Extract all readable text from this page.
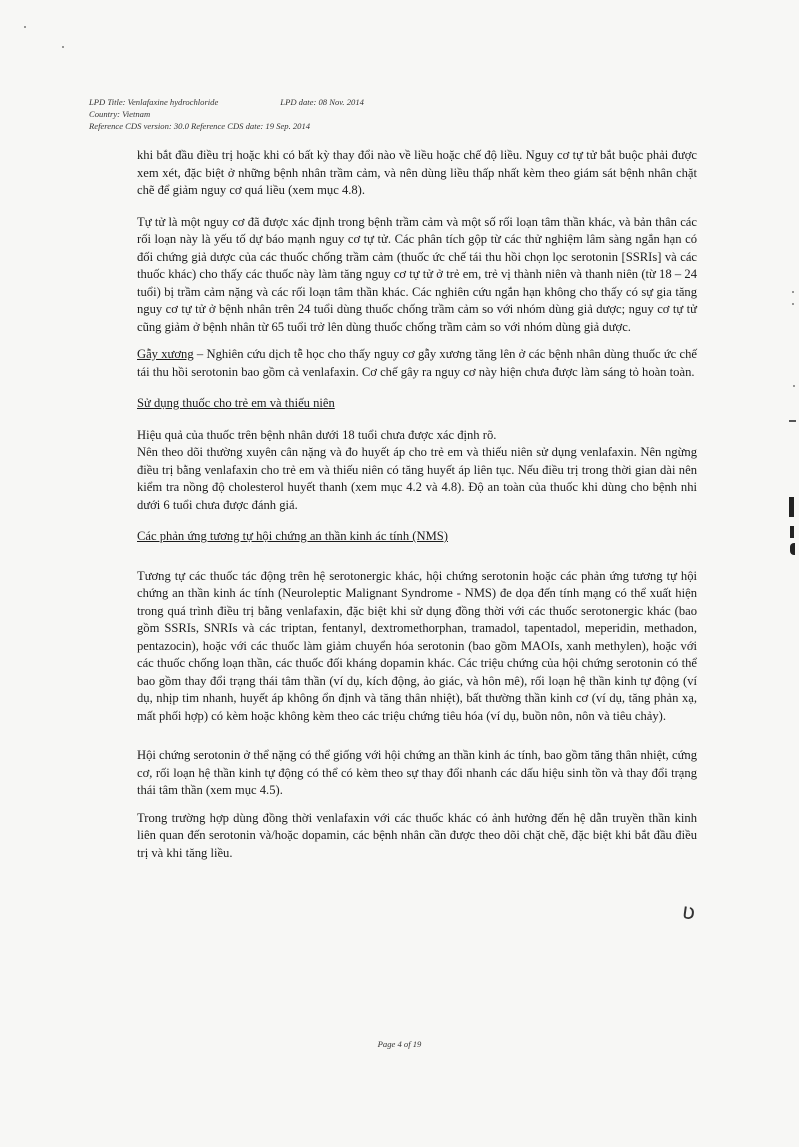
LPD Title: Venlafaxine hydrochloride	LPD date: 08 Nov. 2014
Country: Vietnam
Reference CDS version: 30.0 Reference CDS date: 19 Sep. 2014

khi bắt đầu điều trị hoặc khi có bất kỳ thay đổi nào về liều hoặc chế độ liều. Nguy cơ tự tử bắt buộc phải được xem xét, đặc biệt ở những bệnh nhân trầm cảm, và nên dùng liều thấp nhất kèm theo giám sát bệnh nhân chặt chẽ để giảm nguy cơ quá liều (xem mục 4.8).

Tự tử là một nguy cơ đã được xác định trong bệnh trầm cảm và một số rối loạn tâm thần khác, và bản thân các rối loạn này là yếu tố dự báo mạnh nguy cơ tự tử. Các phân tích gộp từ các thử nghiệm lâm sàng ngắn hạn có đối chứng giả dược của các thuốc chống trầm cảm (thuốc ức chế tái thu hồi chọn lọc serotonin [SSRIs] và các thuốc khác) cho thấy các thuốc này làm tăng nguy cơ tự tử ở trẻ em, trẻ vị thành niên và thanh niên (từ 18 – 24 tuổi) bị trầm cảm nặng và các rối loạn tâm thần khác. Các nghiên cứu ngắn hạn không cho thấy có sự gia tăng nguy cơ tự tử ở bệnh nhân trên 24 tuổi dùng thuốc chống trầm cảm so với nhóm dùng giả dược; nguy cơ tự tử cũng giảm ở bệnh nhân từ 65 tuổi trở lên dùng thuốc chống trầm cảm so với nhóm dùng giả dược.

Gẫy xương – Nghiên cứu dịch tễ học cho thấy nguy cơ gẫy xương tăng lên ở các bệnh nhân dùng thuốc ức chế tái thu hồi serotonin bao gồm cả venlafaxin. Cơ chế gây ra nguy cơ này hiện chưa được làm sáng tỏ hoàn toàn.

Sử dụng thuốc cho trẻ em và thiếu niên

Hiệu quả của thuốc trên bệnh nhân dưới 18 tuổi chưa được xác định rõ.

Nên theo dõi thường xuyên cân nặng và đo huyết áp cho trẻ em và thiếu niên sử dụng venlafaxin. Nên ngừng điều trị bằng venlafaxin cho trẻ em và thiếu niên có tăng huyết áp liên tục. Nếu điều trị trong thời gian dài nên kiểm tra nồng độ cholesterol huyết thanh (xem mục 4.2 và 4.8). Độ an toàn của thuốc khi dùng cho bệnh nhi dưới 6 tuổi chưa được đánh giá.

Các phản ứng tương tự hội chứng an thần kinh ác tính (NMS)

Tương tự các thuốc tác động trên hệ serotonergic khác, hội chứng serotonin hoặc các phản ứng tương tự hội chứng an thần kinh ác tính (Neuroleptic Malignant Syndrome - NMS) đe dọa đến tính mạng có thể xuất hiện trong quá trình điều trị bằng venlafaxin, đặc biệt khi sử dụng đồng thời với các thuốc serotonergic khác (bao gồm SSRIs, SNRIs và các triptan, fentanyl, dextromethorphan, tramadol, tapentadol, meperidin, methadon, pentazocin), hoặc với các thuốc làm giảm chuyển hóa serotonin (bao gồm MAOIs, xanh methylen), hoặc với các thuốc chống loạn thần, các thuốc đối kháng dopamin khác. Các triệu chứng của hội chứng serotonin có thể bao gồm thay đổi trạng thái tâm thần (ví dụ, kích động, ảo giác, và hôn mê), rối loạn hệ thần kinh tự động (ví dụ, nhịp tim nhanh, huyết áp không ổn định và tăng thân nhiệt), bất thường thần kinh cơ (ví dụ, tăng phản xạ, mất phối hợp) có kèm hoặc không kèm theo các triệu chứng tiêu hóa (ví dụ, buồn nôn, nôn và tiêu chảy).

Hội chứng serotonin ở thể nặng có thể giống với hội chứng an thần kinh ác tính, bao gồm tăng thân nhiệt, cứng cơ, rối loạn hệ thần kinh tự động có thể có kèm theo sự thay đổi nhanh các dấu hiệu sinh tồn và thay đổi trạng thái tâm thần (xem mục 4.5).

Trong trường hợp dùng đồng thời venlafaxin với các thuốc khác có ảnh hưởng đến hệ dẫn truyền thần kinh liên quan đến serotonin và/hoặc dopamin, các bệnh nhân cần được theo dõi chặt chẽ, đặc biệt khi bắt đầu điều trị và khi tăng liều.

Page 4 of 19
ʋ
